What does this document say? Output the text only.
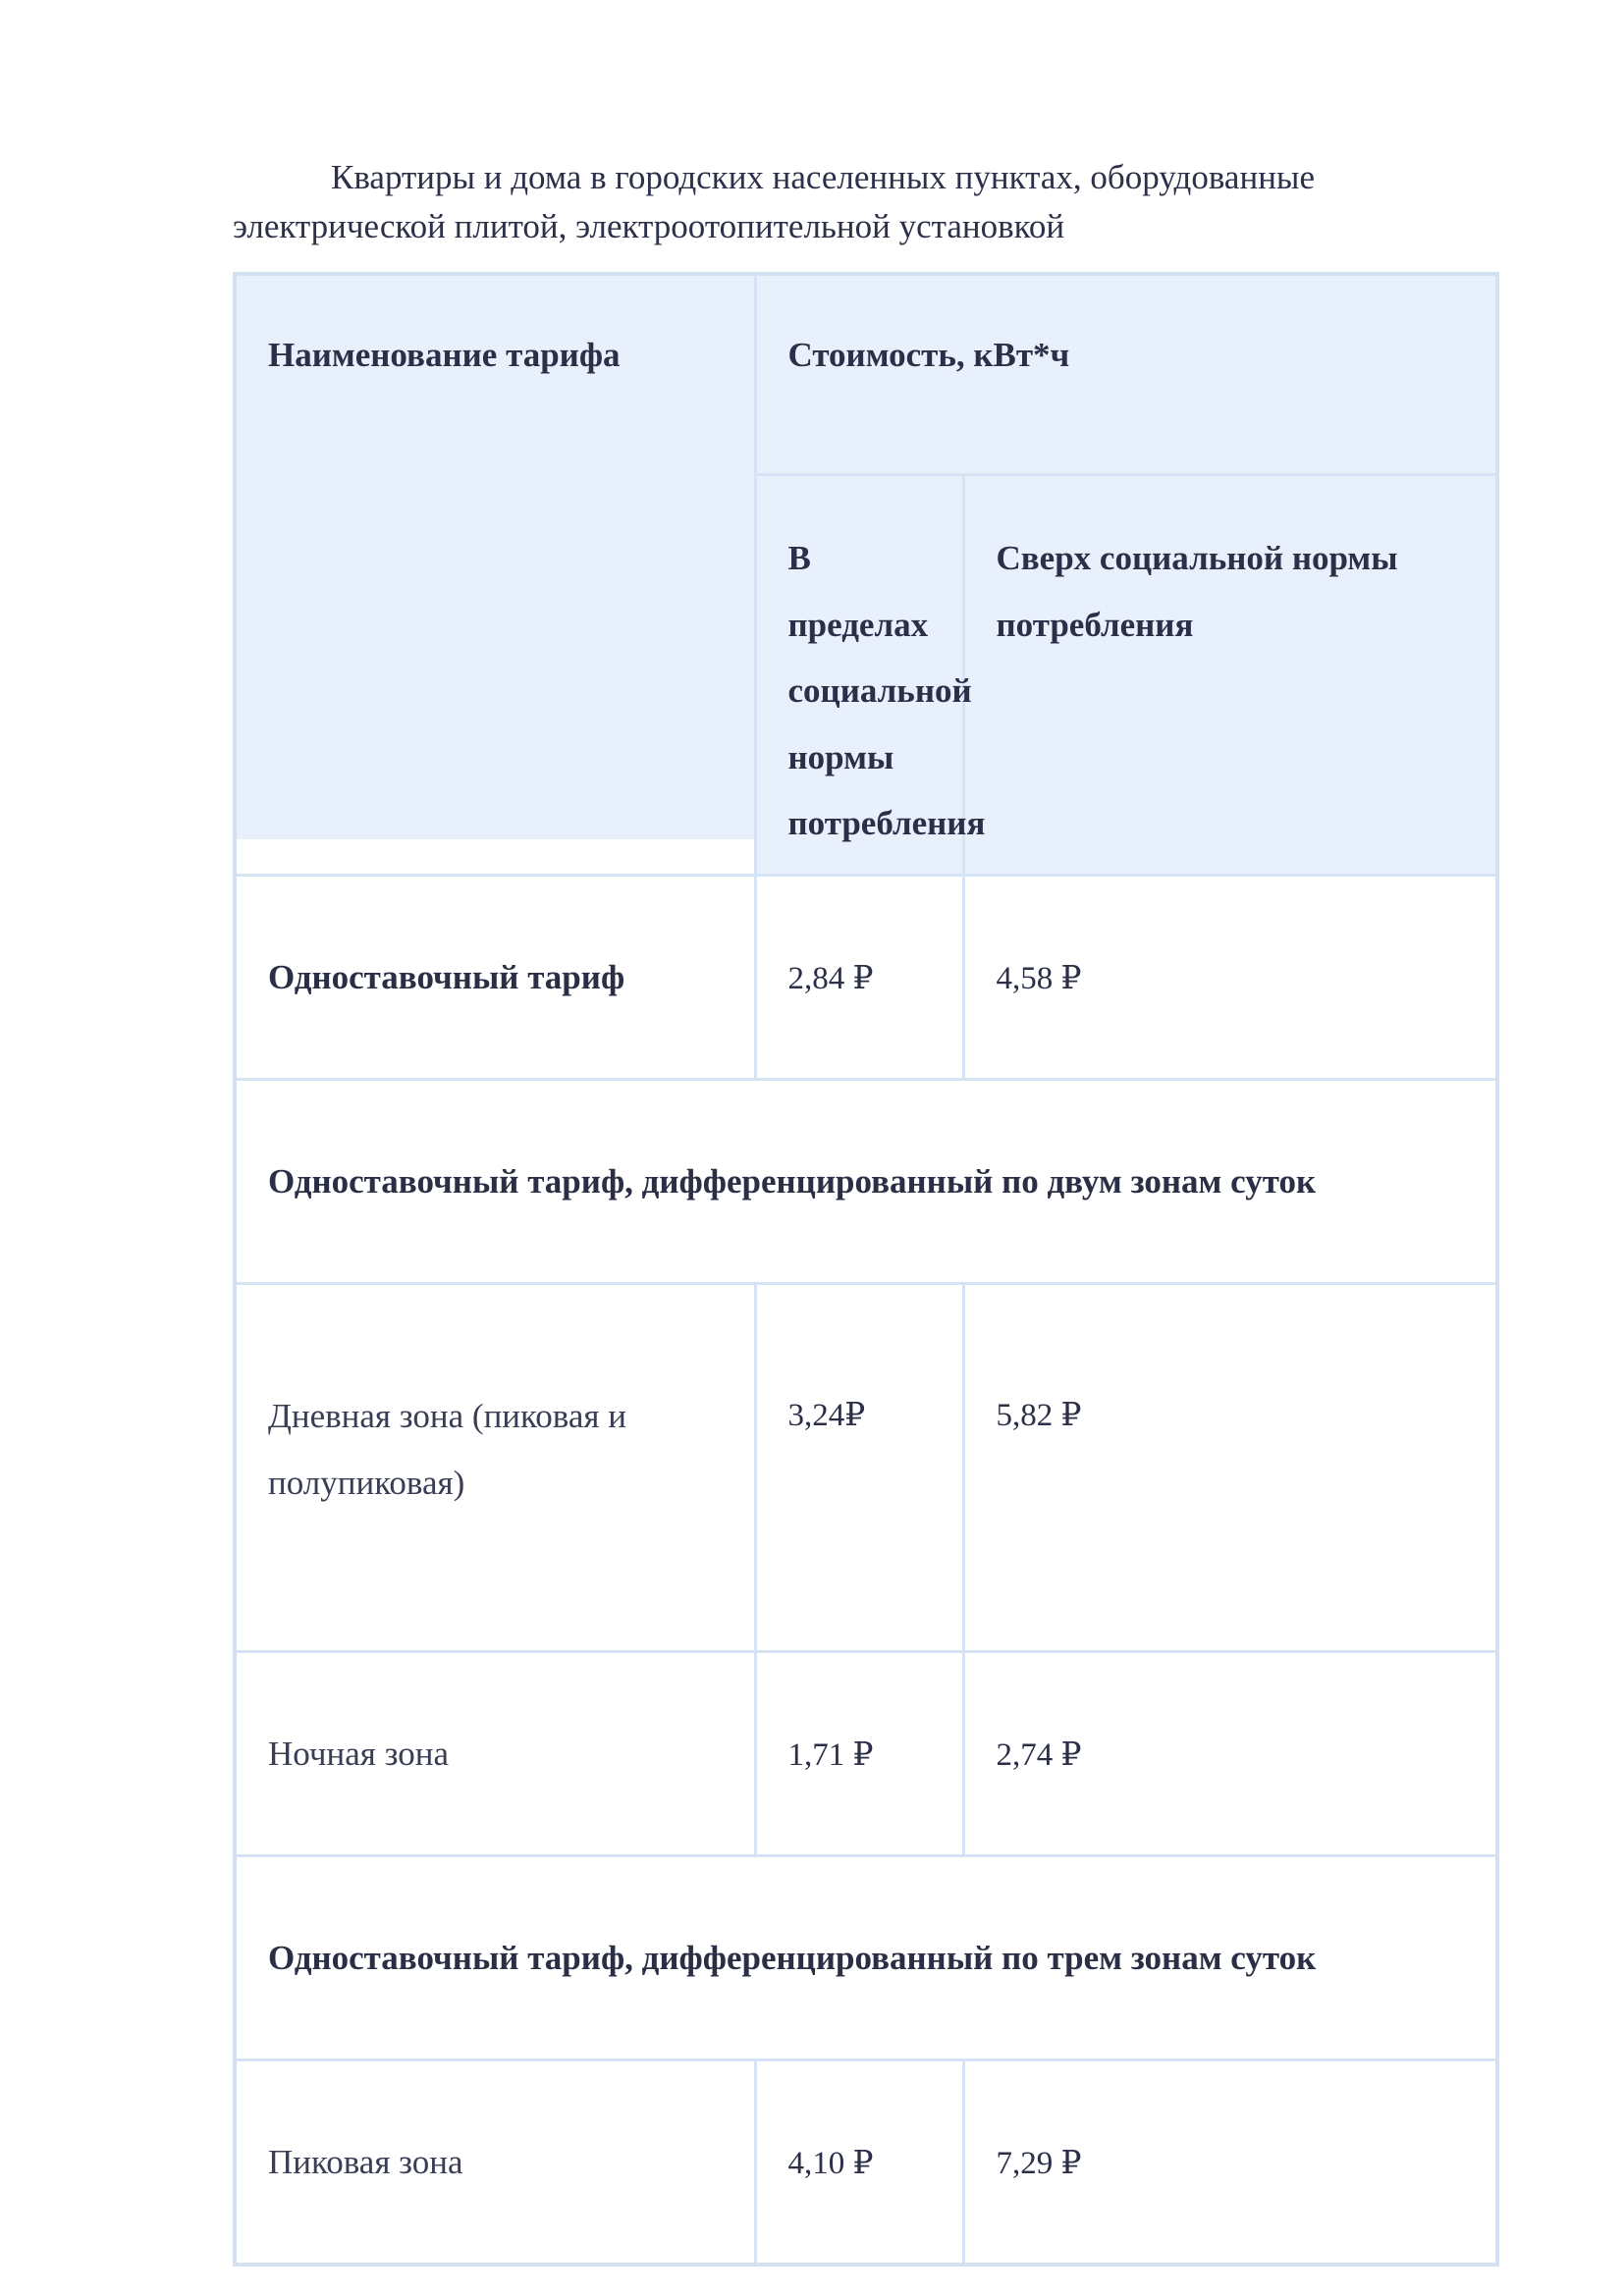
Квартиры и дома в городских населенных пунктах, оборудованные электрической плитой, электроотопительной установкой

Наименование тарифа	Стоимость, кВт*ч	
	В пределах социальной нормы потребления	Сверх социальной нормы потребления
Одноставочный тариф	2,84 ₽	4,58 ₽
Одноставочный тариф, дифференцированный по двум зонам суток		
Дневная зона (пиковая и полупиковая)	3,24₽	5,82 ₽
Ночная зона	1,71 ₽	2,74 ₽
Одноставочный тариф, дифференцированный по трем зонам суток		
Пиковая зона	4,10 ₽	7,29 ₽
